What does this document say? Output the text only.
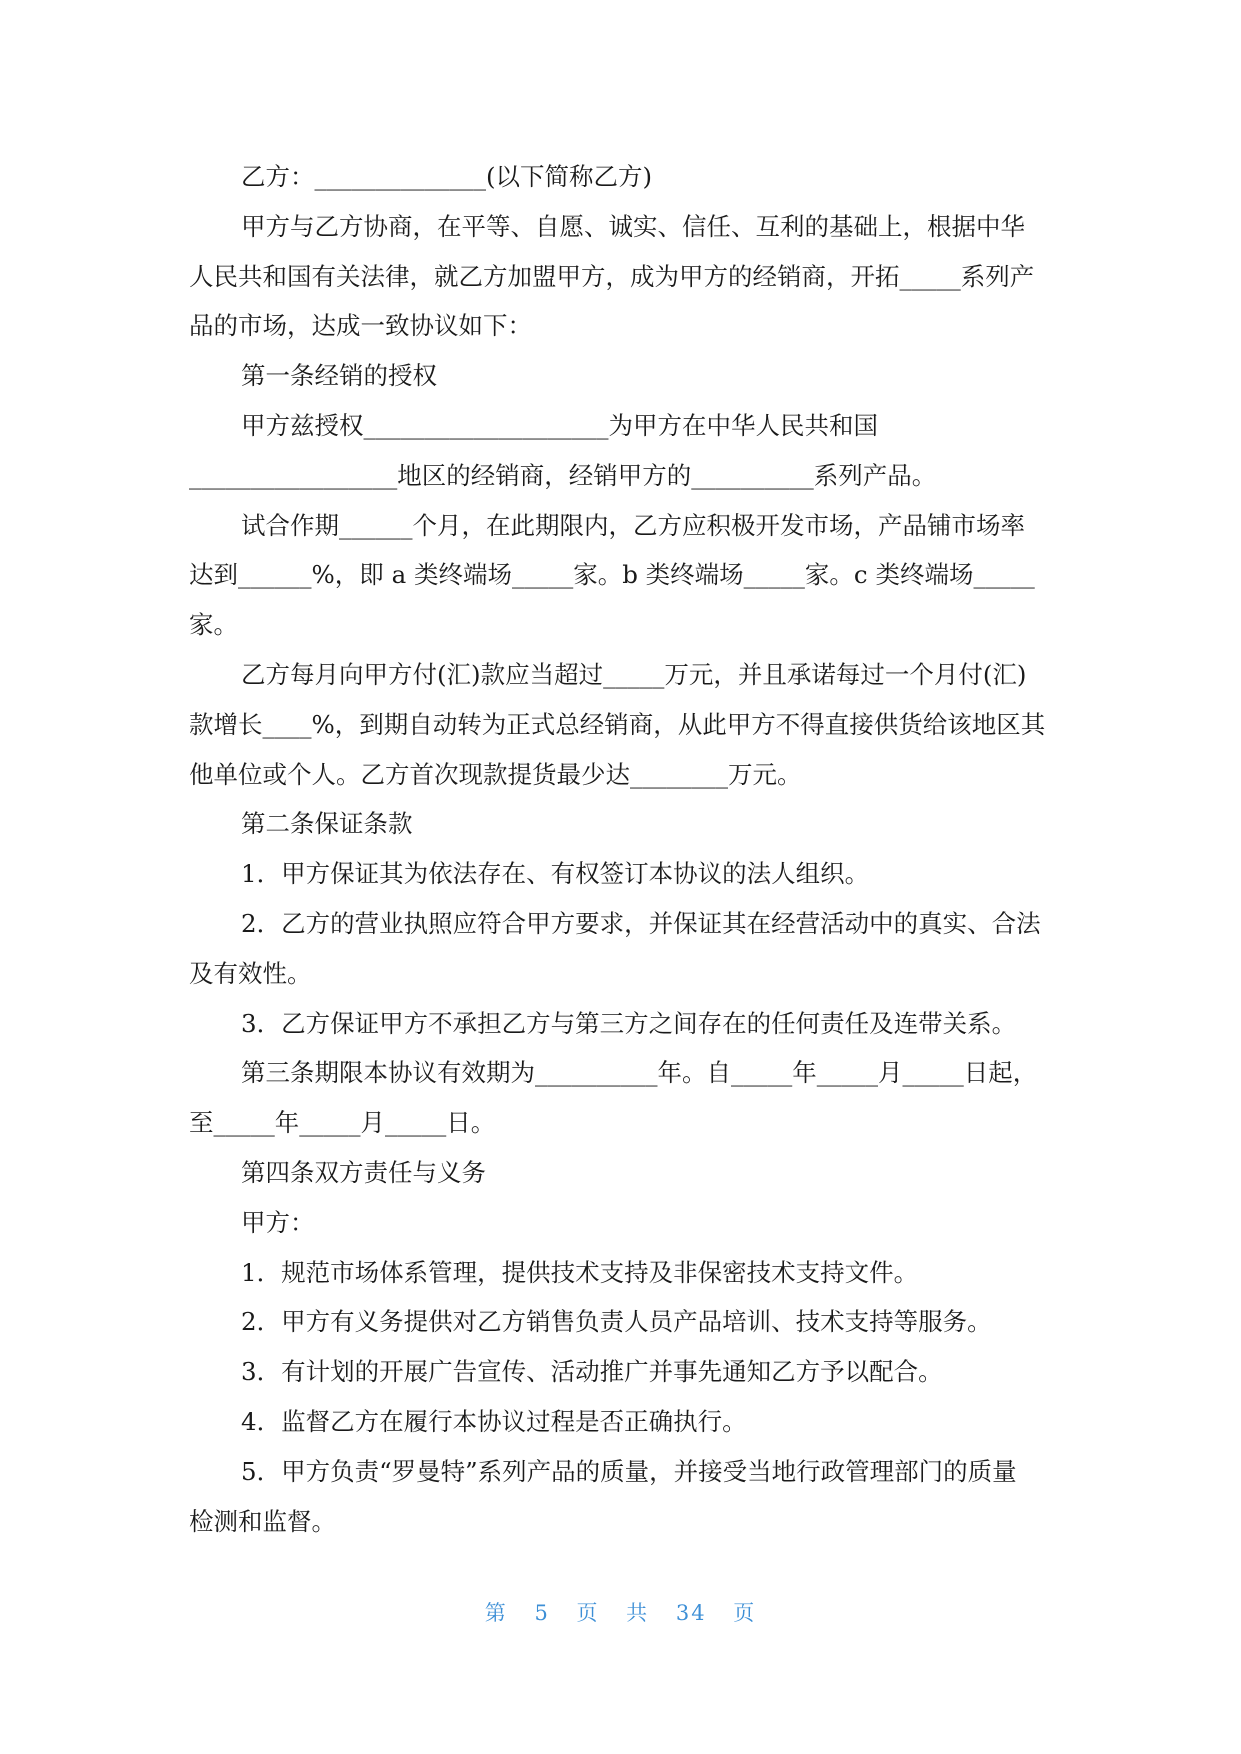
乙方：______________(以下简称乙方)

甲方与乙方协商，在平等、自愿、诚实、信任、互利的基础上，根据中华

人民共和国有关法律，就乙方加盟甲方，成为甲方的经销商，开拓_____系列产

品的市场，达成一致协议如下：

第一条经销的授权

甲方兹授权____________________为甲方在中华人民共和国

_________________地区的经销商，经销甲方的__________系列产品。

试合作期______个月，在此期限内，乙方应积极开发市场，产品铺市场率

达到______%，即 a 类终端场_____家。b 类终端场_____家。c 类终端场_____

家。

乙方每月向甲方付(汇)款应当超过_____万元，并且承诺每过一个月付(汇)

款增长____%，到期自动转为正式总经销商，从此甲方不得直接供货给该地区其

他单位或个人。乙方首次现款提货最少达________万元。

第二条保证条款

1．甲方保证其为依法存在、有权签订本协议的法人组织。

2．乙方的营业执照应符合甲方要求，并保证其在经营活动中的真实、合法

及有效性。

3．乙方保证甲方不承担乙方与第三方之间存在的任何责任及连带关系。

第三条期限本协议有效期为__________年。自_____年_____月_____日起，

至_____年_____月_____日。

第四条双方责任与义务

甲方：

1．规范市场体系管理，提供技术支持及非保密技术支持文件。

2．甲方有义务提供对乙方销售负责人员产品培训、技术支持等服务。

3．有计划的开展广告宣传、活动推广并事先通知乙方予以配合。

4．监督乙方在履行本协议过程是否正确执行。

5．甲方负责“罗曼特”系列产品的质量，并接受当地行政管理部门的质量

检测和监督。

第 5 页 共 34 页
